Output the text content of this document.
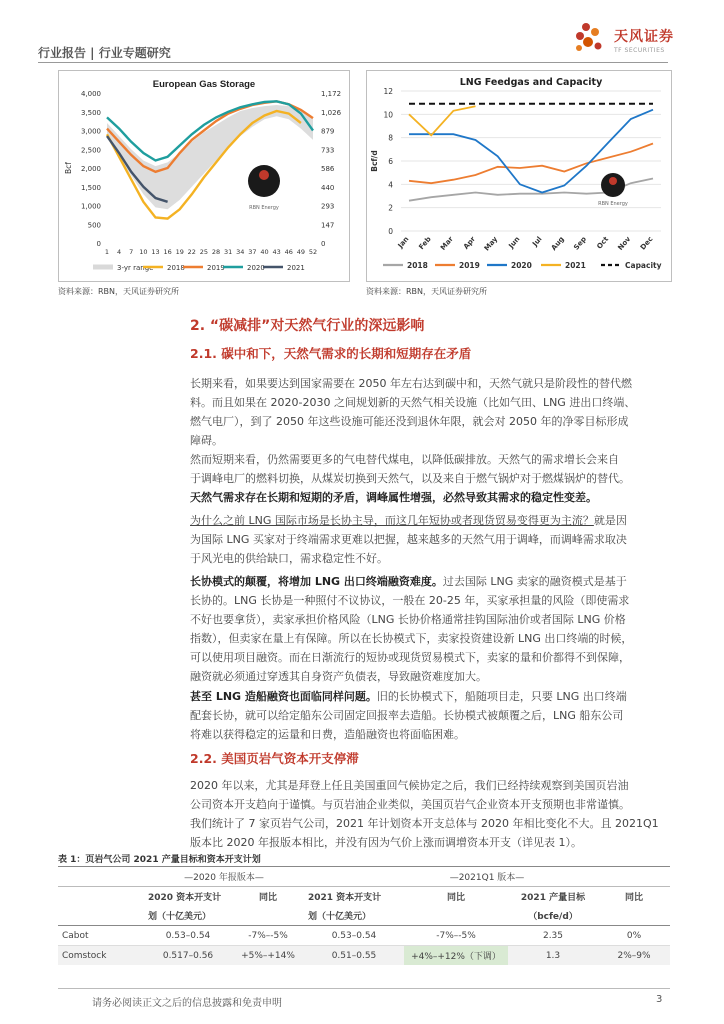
行业报告 | 行业专题研究
天风证券
TF SECURITIES
European Gas Storage
0
500
1,000
1,500
2,000
2,500
3,000
3,500
4,000
0
147
293
440
586
733
879
1,026
1,172
1 4 7 10 13 16 19 22 25 28 31 34 37 40 43 46 49 52
Bcf
RBN Energy
3-yr range 2018	2019	2020	2021
资料来源：RBN，天风证券研究所
LNG Feedgas and Capacity
0
2
4
6
8
10
12
Bcf/d
Jan Feb Mar Apr May Jun Jul Aug Sep Oct Nov Dec
RBN Energy
2018	2019	2020	2021	Capacity
资料来源：RBN，天风证券研究所
2. “碳减排”对天然气行业的深远影响
2.1. 碳中和下，天然气需求的长期和短期存在矛盾
长期来看，如果要达到国家需要在 2050 年左右达到碳中和，天然气就只是阶段性的替代燃
料。而且如果在 2020-2030 之间规划新的天然气相关设施（比如气田、LNG 进出口终端、
燃气电厂），到了 2050 年这些设施可能还没到退休年限，就会对 2050 年的净零目标形成
障碍。
然而短期来看，仍然需要更多的气电替代煤电，以降低碳排放。天然气的需求增长会来自
于调峰电厂的燃料切换，从煤炭切换到天然气，以及来自于燃气锅炉对于燃煤锅炉的替代。
天然气需求存在长期和短期的矛盾，调峰属性增强，必然导致其需求的稳定性变差。
为什么之前 LNG 国际市场是长协主导，而这几年短协或者现货贸易变得更为主流？就是因
为国际 LNG 买家对于终端需求更难以把握，越来越多的天然气用于调峰，而调峰需求取决
于风光电的供给缺口，需求稳定性不好。
长协模式的颠覆，将增加 LNG 出口终端融资难度。过去国际 LNG 卖家的融资模式是基于
长协的。LNG 长协是一种照付不议协议，一般在 20-25 年，买家承担量的风险（即使需求
不好也要拿货），卖家承担价格风险（LNG 长协价格通常挂钩国际油价或者国际 LNG 价格
指数），但卖家在量上有保障。所以在长协模式下，卖家投资建设新 LNG 出口终端的时候，
可以使用项目融资。而在日渐流行的短协或现货贸易模式下，卖家的量和价都得不到保障，
融资就必须通过穿透其自身资产负债表，导致融资难度加大。
甚至 LNG 造船融资也面临同样问题。旧的长协模式下，船随项目走，只要 LNG 出口终端
配套长协，就可以给定船东公司固定回报率去造船。长协模式被颠覆之后，LNG 船东公司
将难以获得稳定的运量和日费，造船融资也将面临困难。
2.2. 美国页岩气资本开支停滞
2020 年以来，尤其是拜登上任且美国重回气候协定之后，我们已经持续观察到美国页岩油
公司资本开支趋向于谨慎。与页岩油企业类似，美国页岩气企业资本开支预期也非常谨慎。
我们统计了 7 家页岩气公司，2021 年计划资本开支总体与 2020 年相比变化不大。且 2021Q1
版本比 2020 年报版本相比，并没有因为气价上涨而调增资本开支（详见表 1）。
表 1：页岩气公司 2021 产量目标和资本开支计划
	—2020 年报版本—		—2021Q1 版本—			
	2020 资本开支计	同比	2021 资本开支计	同比	2021 产量目标	同比
	划（十亿美元）		划（十亿美元）		（bcfe/d）	
Cabot	0.53–0.54	-7%–-5%	0.53–0.54	-7%–-5%	2.35	0%
Comstock	0.517–0.56	+5%–+14%	0.51–0.55	+4%–+12%（下调）	1.3	2%–9%
请务必阅读正文之后的信息披露和免责申明	3
